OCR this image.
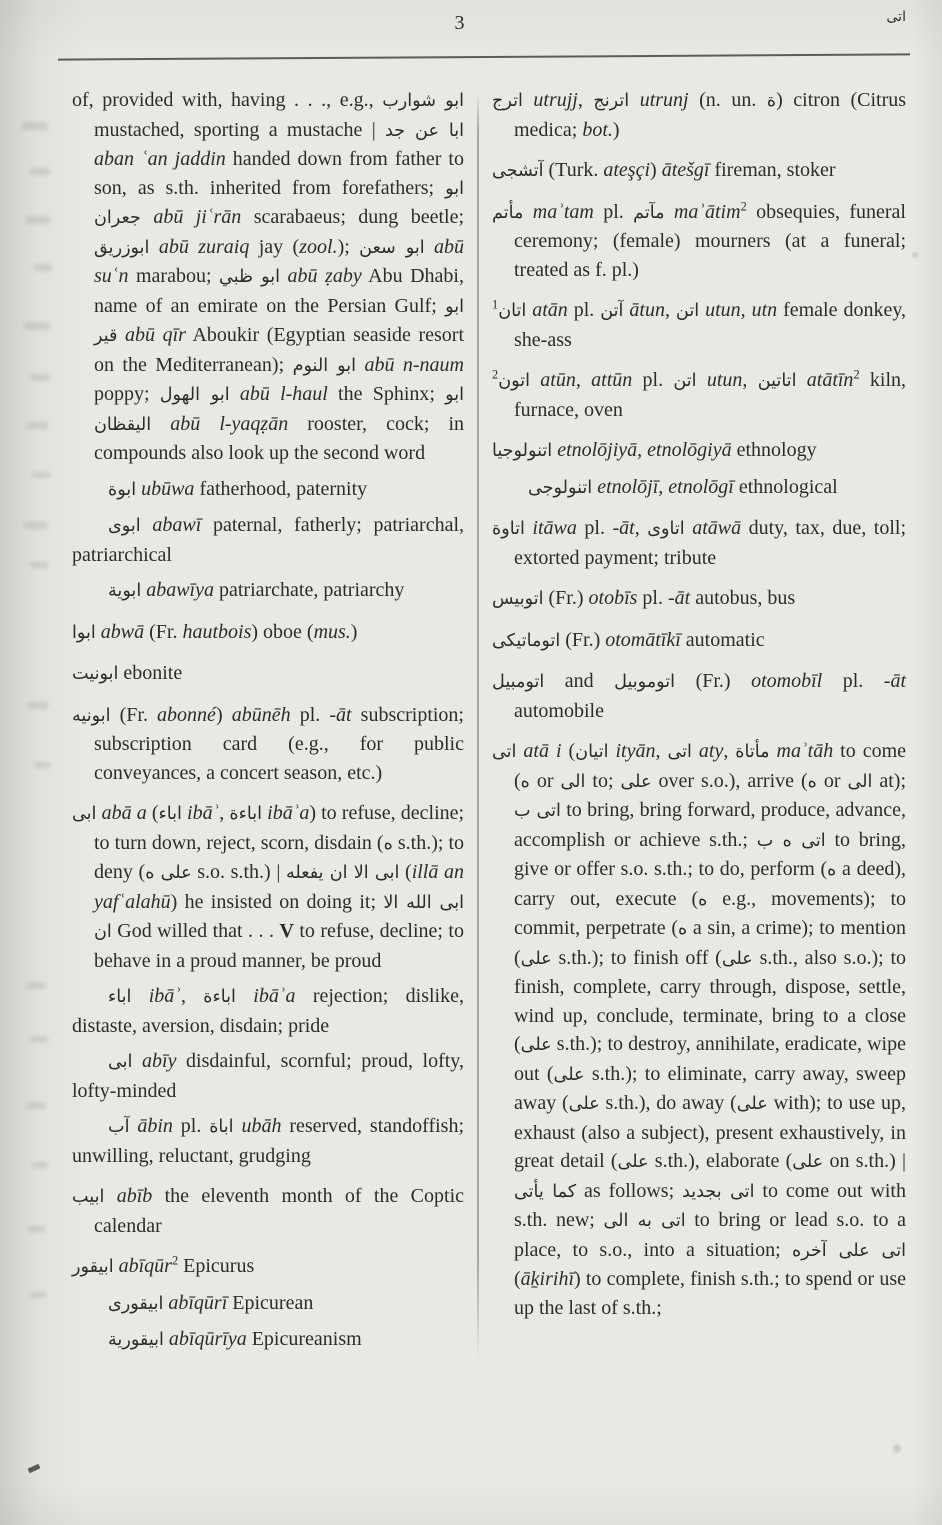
3	اتى

of, provided with, having . . ., e.g., ابو شوارب mustached, sporting a mustache | ابا عن جد aban ʿan jaddin handed down from father to son, as s.th. inherited from forefathers; ابو جعران abū jiʿrān scarabaeus; dung beetle; ابوزريق abū zuraiq jay (zool.); ابو سعن abū suʿn marabou; ابو ظبي abū ẓaby Abu Dhabi, name of an emirate on the Persian Gulf; ابو قير abū qīr Aboukir (Egyptian seaside resort on the Mediterranean); ابو النوم abū n-naum poppy; ابو الهول abū l-haul the Sphinx; ابو اليقظان abū l-yaqẓān rooster, cock; in compounds also look up the second word

ابوة ubūwa fatherhood, paternity

ابوى abawī paternal, fatherly; patriarchal, patriarchical

ابوية abawīya patriarchate, patriarchy

ابوا abwā (Fr. hautbois) oboe (mus.)

ابونيت ebonite

ابونيه (Fr. abonné) abūnēh pl. -āt subscription; subscription card (e.g., for public conveyances, a concert season, etc.)

ابى abā a (اباء ibāʾ, اباءة ibāʾa) to refuse, decline; to turn down, reject, scorn, disdain (ه s.th.); to deny (على ه s.o. s.th.) | ابى الا ان يفعله (illā an yafʿalahū) he insisted on doing it; ابى الله الا ان God willed that . . . V to refuse, decline; to behave in a proud manner, be proud

اباء ibāʾ, اباءة ibāʾa rejection; dislike, distaste, aversion, disdain; pride

ابى abīy disdainful, scornful; proud, lofty, lofty-minded

آب ābin pl. اباة ubāh reserved, standoffish; unwilling, reluctant, grudging

ابيب abīb the eleventh month of the Coptic calendar

ابيقور abīqūr$^2$ Epicurus

ابيقورى abīqūrī Epicurean

ابيقورية abīqūrīya Epicureanism

اترج utrujj, اترنج utrunj (n. un. ة) citron (Citrus medica; bot.)

آتشجى (Turk. ateşçi) ātešgī fireman, stoker

مأتم maʾtam pl. مآتم maʾātim$^2$ obsequies, funeral ceremony; (female) mourners (at a funeral; treated as f. pl.)

$^1$اتان atān pl. آتن ātun, اتن utun, utn female donkey, she-ass

$^2$اتون atūn, attūn pl. اتن utun, اتاتين atātīn$^2$ kiln, furnace, oven

اتنولوجيا etnolōjiyā, etnolōgiyā ethnology

اتنولوجى etnolōjī, etnolōgī ethnological

اتاوة itāwa pl. -āt, اتاوى atāwā duty, tax, due, toll; extorted payment; tribute

اتوبيس (Fr.) otobīs pl. -āt autobus, bus

اتوماتيكى (Fr.) otomātīkī automatic

اتومبيل and اتوموبيل (Fr.) otomobīl pl. -āt automobile

اتى atā i (اتيان ityān, اتى aty, مأتاة maʾtāh to come (ه or الى to; على over s.o.), arrive (ه or الى at); اتى ب to bring, bring forward, produce, advance, accomplish or achieve s.th.; اتى ه ب to bring, give or offer s.o. s.th.; to do, perform (ه a deed), carry out, execute (ه e.g., movements); to commit, perpetrate (ه a sin, a crime); to mention (على s.th.); to finish off (على s.th., also s.o.); to finish, complete, carry through, dispose, settle, wind up, conclude, terminate, bring to a close (على s.th.); to destroy, annihilate, eradicate, wipe out (على s.th.); to eliminate, carry away, sweep away (على s.th.), do away (على with); to use up, exhaust (also a subject), present exhaustively, in great detail (على s.th.), elaborate (على on s.th.) | كما يأتى as follows; اتى بجديد to come out with s.th. new; اتى به الى to bring or lead s.o. to a place, to s.o., into a situation; اتى على آخره (āḵirihī) to complete, finish s.th.; to spend or use up the last of s.th.;
